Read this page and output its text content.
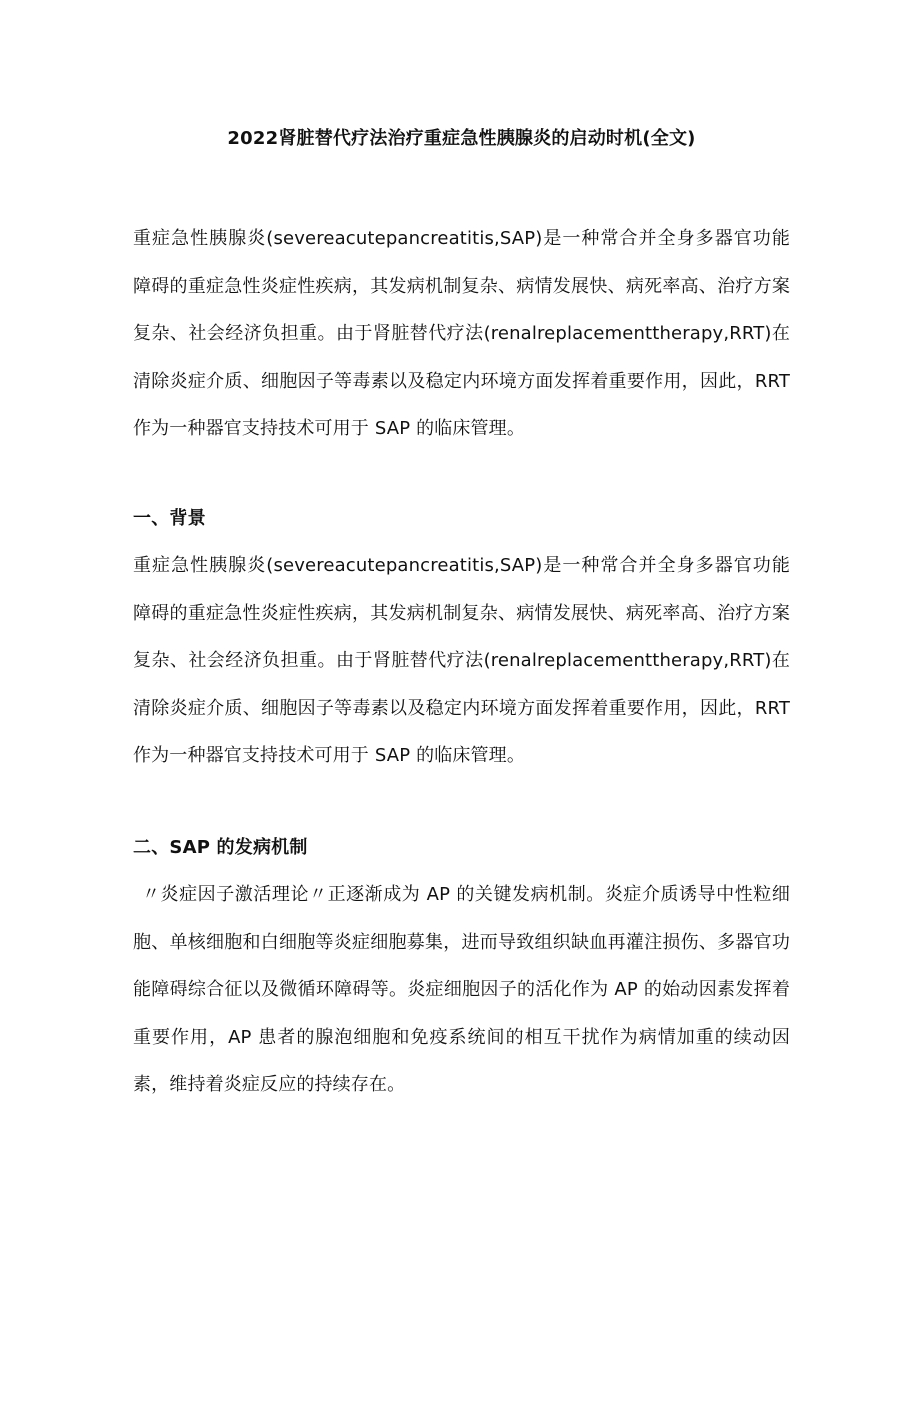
2022肾脏替代疗法治疗重症急性胰腺炎的启动时机(全文)

重症急性胰腺炎(severeacutepancreatitis,SAP)是一种常合并全身多器官功能障碍的重症急性炎症性疾病，其发病机制复杂、病情发展快、病死率高、治疗方案复杂、社会经济负担重。由于肾脏替代疗法(renalreplacementtherapy,RRT)在清除炎症介质、细胞因子等毒素以及稳定内环境方面发挥着重要作用，因此，RRT 作为一种器官支持技术可用于 SAP 的临床管理。

一、背景

重症急性胰腺炎(severeacutepancreatitis,SAP)是一种常合并全身多器官功能障碍的重症急性炎症性疾病，其发病机制复杂、病情发展快、病死率高、治疗方案复杂、社会经济负担重。由于肾脏替代疗法(renalreplacementtherapy,RRT)在清除炎症介质、细胞因子等毒素以及稳定内环境方面发挥着重要作用，因此，RRT 作为一种器官支持技术可用于 SAP 的临床管理。

二、SAP 的发病机制

〃炎症因子激活理论〃正逐渐成为 AP 的关键发病机制。炎症介质诱导中性粒细胞、单核细胞和白细胞等炎症细胞募集，进而导致组织缺血再灌注损伤、多器官功能障碍综合征以及微循环障碍等。炎症细胞因子的活化作为 AP 的始动因素发挥着重要作用，AP 患者的腺泡细胞和免疫系统间的相互干扰作为病情加重的续动因素，维持着炎症反应的持续存在。
